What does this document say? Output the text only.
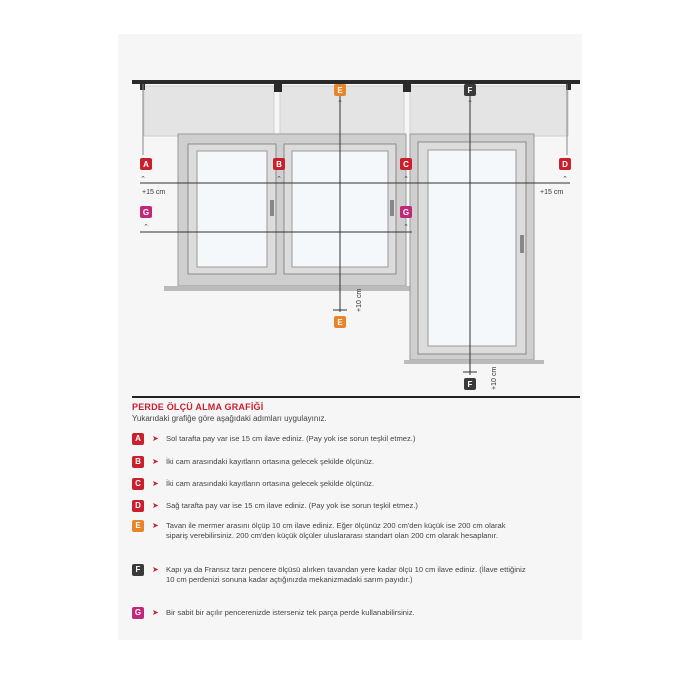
⌃	⌃	⌃	⌃
⌃	⌃
⌃	⌃
A	B	C	D
G	G
E
E
F
F
+15 cm	+15 cm
+10 cm
+10 cm
PERDE ÖLÇÜ ALMA GRAFİĞİ
Yukarıdaki grafiğe göre aşağıdaki adımları uygulayınız.
A	➤ Sol tarafta pay var ise 15 cm ilave ediniz. (Pay yok ise sorun teşkil etmez.)
B	➤ İki cam arasındaki kayıtların ortasına gelecek şekilde ölçünüz.
C	➤ İki cam arasındaki kayıtların ortasına gelecek şekilde ölçünüz.
D	➤ Sağ tarafta pay var ise 15 cm ilave ediniz. (Pay yok ise sorun teşkil etmez.)
E	➤ Tavan ile mermer arasını ölçüp 10 cm ilave ediniz. Eğer ölçünüz 200 cm'den küçük ise 200 cm olarak sipariş verebilirsiniz. 200 cm'den küçük ölçüler uluslararası standart olan 200 cm olarak hesaplanır.
F	➤ Kapı ya da Fransız tarzı pencere ölçüsü alırken tavandan yere kadar ölçü 10 cm ilave ediniz. (İlave ettiğiniz 10 cm perdenizi sonuna kadar açtığınızda mekanizmadaki sarım payıdır.)
G	➤ Bir sabit bir açılır pencerenizde isterseniz tek parça perde kullanabilirsiniz.
